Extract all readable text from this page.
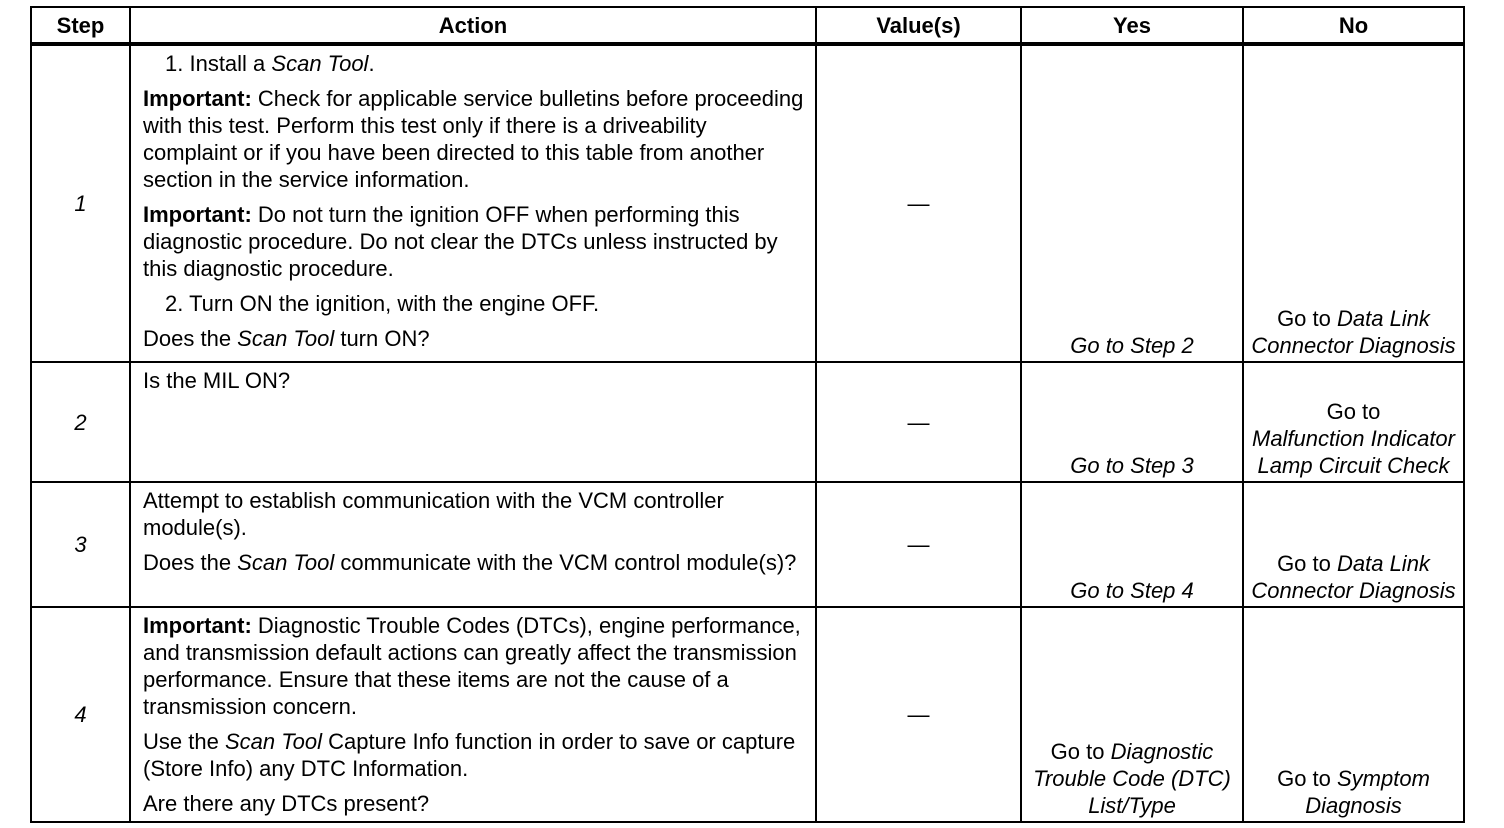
Step	Action	Value(s)	Yes	No
1	1. Install a Scan Tool.
Important: Check for applicable service bulletins before proceeding with this test. Perform this test only if there is a driveability complaint or if you have been directed to this table from another section in the service information.
Important: Do not turn the ignition OFF when performing this diagnostic procedure. Do not clear the DTCs unless instructed by this diagnostic procedure.
2. Turn ON the ignition, with the engine OFF.
Does the Scan Tool turn ON?	—	Go to Step 2	Go to Data Link Connector Diagnosis
2	Is the MIL ON?	—	Go to Step 3	Go to
Malfunction Indicator Lamp Circuit Check
3	Attempt to establish communication with the VCM controller module(s).
Does the Scan Tool communicate with the VCM control module(s)?	—	Go to Step 4	Go to Data Link Connector Diagnosis
4	Important: Diagnostic Trouble Codes (DTCs), engine performance, and transmission default actions can greatly affect the transmission performance. Ensure that these items are not the cause of a transmission concern.
Use the Scan Tool Capture Info function in order to save or capture (Store Info) any DTC Information.
Are there any DTCs present?	—	Go to Diagnostic Trouble Code (DTC) List/Type	Go to Symptom Diagnosis
